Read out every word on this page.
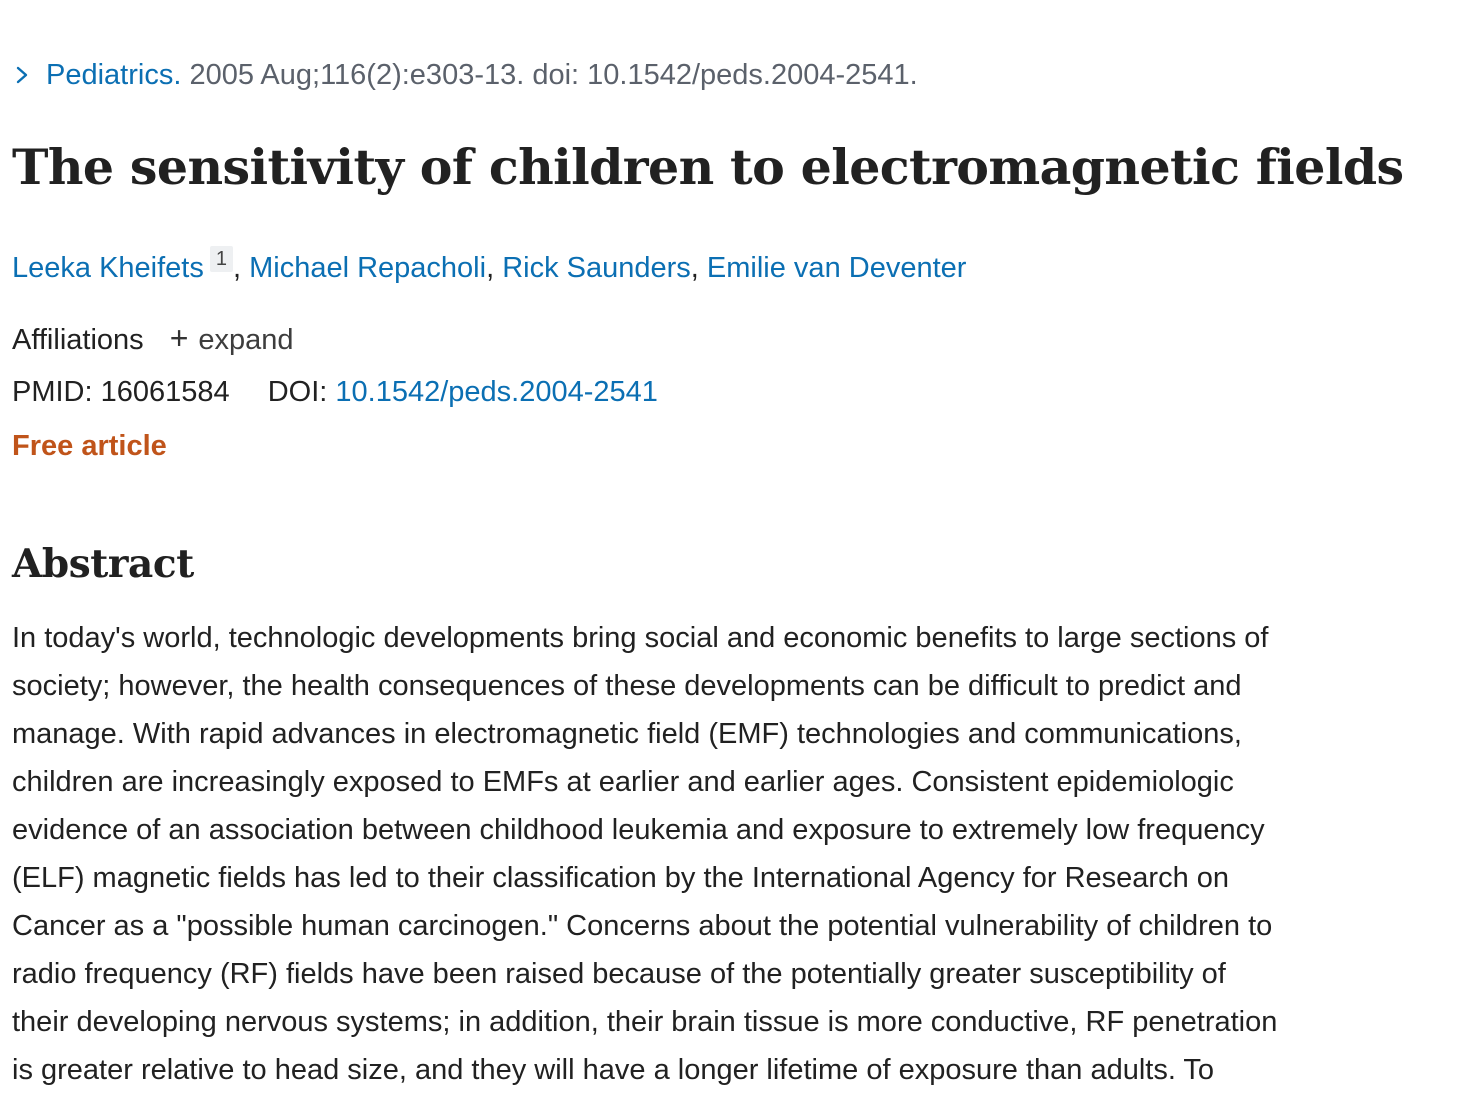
Pediatrics. 2005 Aug;116(2):e303-13. doi: 10.1542/peds.2004-2541.
The sensitivity of children to electromagnetic fields
Leeka Kheifets 1 , Michael Repacholi, Rick Saunders, Emilie van Deventer
Affiliations + expand
PMID: 16061584 DOI: 10.1542/peds.2004-2541
Free article
Abstract
In today's world, technologic developments bring social and economic benefits to large sections of
society; however, the health consequences of these developments can be difficult to predict and
manage. With rapid advances in electromagnetic field (EMF) technologies and communications,
children are increasingly exposed to EMFs at earlier and earlier ages. Consistent epidemiologic
evidence of an association between childhood leukemia and exposure to extremely low frequency
(ELF) magnetic fields has led to their classification by the International Agency for Research on
Cancer as a "possible human carcinogen." Concerns about the potential vulnerability of children to
radio frequency (RF) fields have been raised because of the potentially greater susceptibility of
their developing nervous systems; in addition, their brain tissue is more conductive, RF penetration
is greater relative to head size, and they will have a longer lifetime of exposure than adults. To
